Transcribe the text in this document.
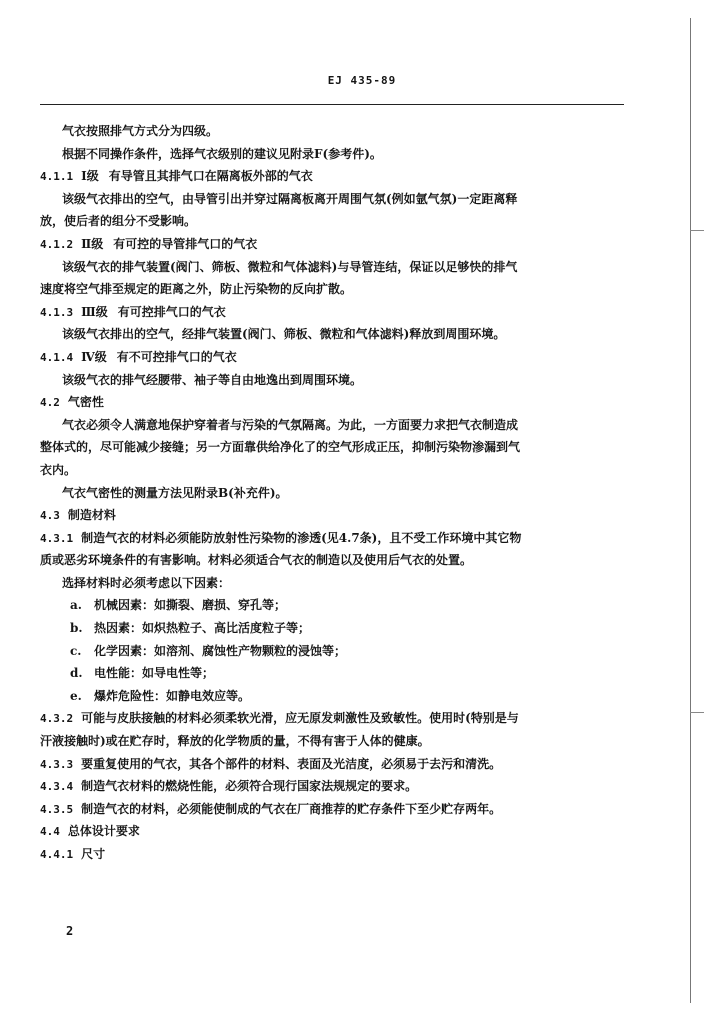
EJ 435-89
气衣按照排气方式分为四级。
根据不同操作条件，选择气衣级别的建议见附录F(参考件)。
4.1.1 Ⅰ级 有导管且其排气口在隔离板外部的气衣
该级气衣排出的空气，由导管引出并穿过隔离板离开周围气氛(例如氩气氛)一定距离释
放，使后者的组分不受影响。
4.1.2 Ⅱ级 有可控的导管排气口的气衣
该级气衣的排气装置(阀门、筛板、微粒和气体滤料)与导管连结，保证以足够快的排气
速度将空气排至规定的距离之外，防止污染物的反向扩散。
4.1.3 Ⅲ级 有可控排气口的气衣
该级气衣排出的空气，经排气装置(阀门、筛板、微粒和气体滤料)释放到周围环境。
4.1.4 Ⅳ级 有不可控排气口的气衣
该级气衣的排气经腰带、袖子等自由地逸出到周围环境。
4.2 气密性
气衣必须令人满意地保护穿着者与污染的气氛隔离。为此，一方面要力求把气衣制造成
整体式的，尽可能减少接缝；另一方面靠供给净化了的空气形成正压，抑制污染物渗漏到气
衣内。
气衣气密性的测量方法见附录B(补充件)。
4.3 制造材料
4.3.1 制造气衣的材料必须能防放射性污染物的渗透(见4.7条)，且不受工作环境中其它物
质或恶劣环境条件的有害影响。材料必须适合气衣的制造以及使用后气衣的处置。
选择材料时必须考虑以下因素：
a. 机械因素：如撕裂、磨损、穿孔等；
b. 热因素：如炽热粒子、高比活度粒子等；
c. 化学因素：如溶剂、腐蚀性产物颗粒的浸蚀等；
d. 电性能：如导电性等；
e. 爆炸危险性：如静电效应等。
4.3.2 可能与皮肤接触的材料必须柔软光滑，应无原发刺激性及致敏性。使用时(特别是与
汗液接触时)或在贮存时，释放的化学物质的量，不得有害于人体的健康。
4.3.3 要重复使用的气衣，其各个部件的材料、表面及光洁度，必须易于去污和清洗。
4.3.4 制造气衣材料的燃烧性能，必须符合现行国家法规规定的要求。
4.3.5 制造气衣的材料，必须能使制成的气衣在厂商推荐的贮存条件下至少贮存两年。
4.4 总体设计要求
4.4.1 尺寸
2
